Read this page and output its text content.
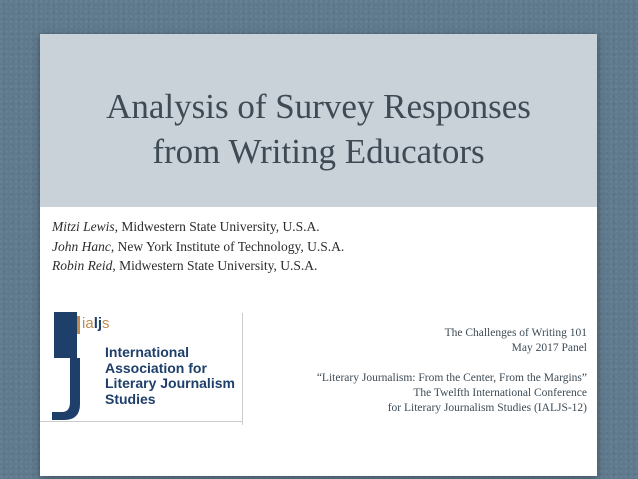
Analysis of Survey Responses
from Writing Educators
Mitzi Lewis, Midwestern State University, U.S.A.
John Hanc, New York Institute of Technology, U.S.A.
Robin Reid, Midwestern State University, U.S.A.
ialjs
International
Association for
Literary Journalism
Studies
The Challenges of Writing 101
May 2017 Panel
“Literary Journalism: From the Center, From the Margins”
The Twelfth International Conference
for Literary Journalism Studies (IALJS-12)
